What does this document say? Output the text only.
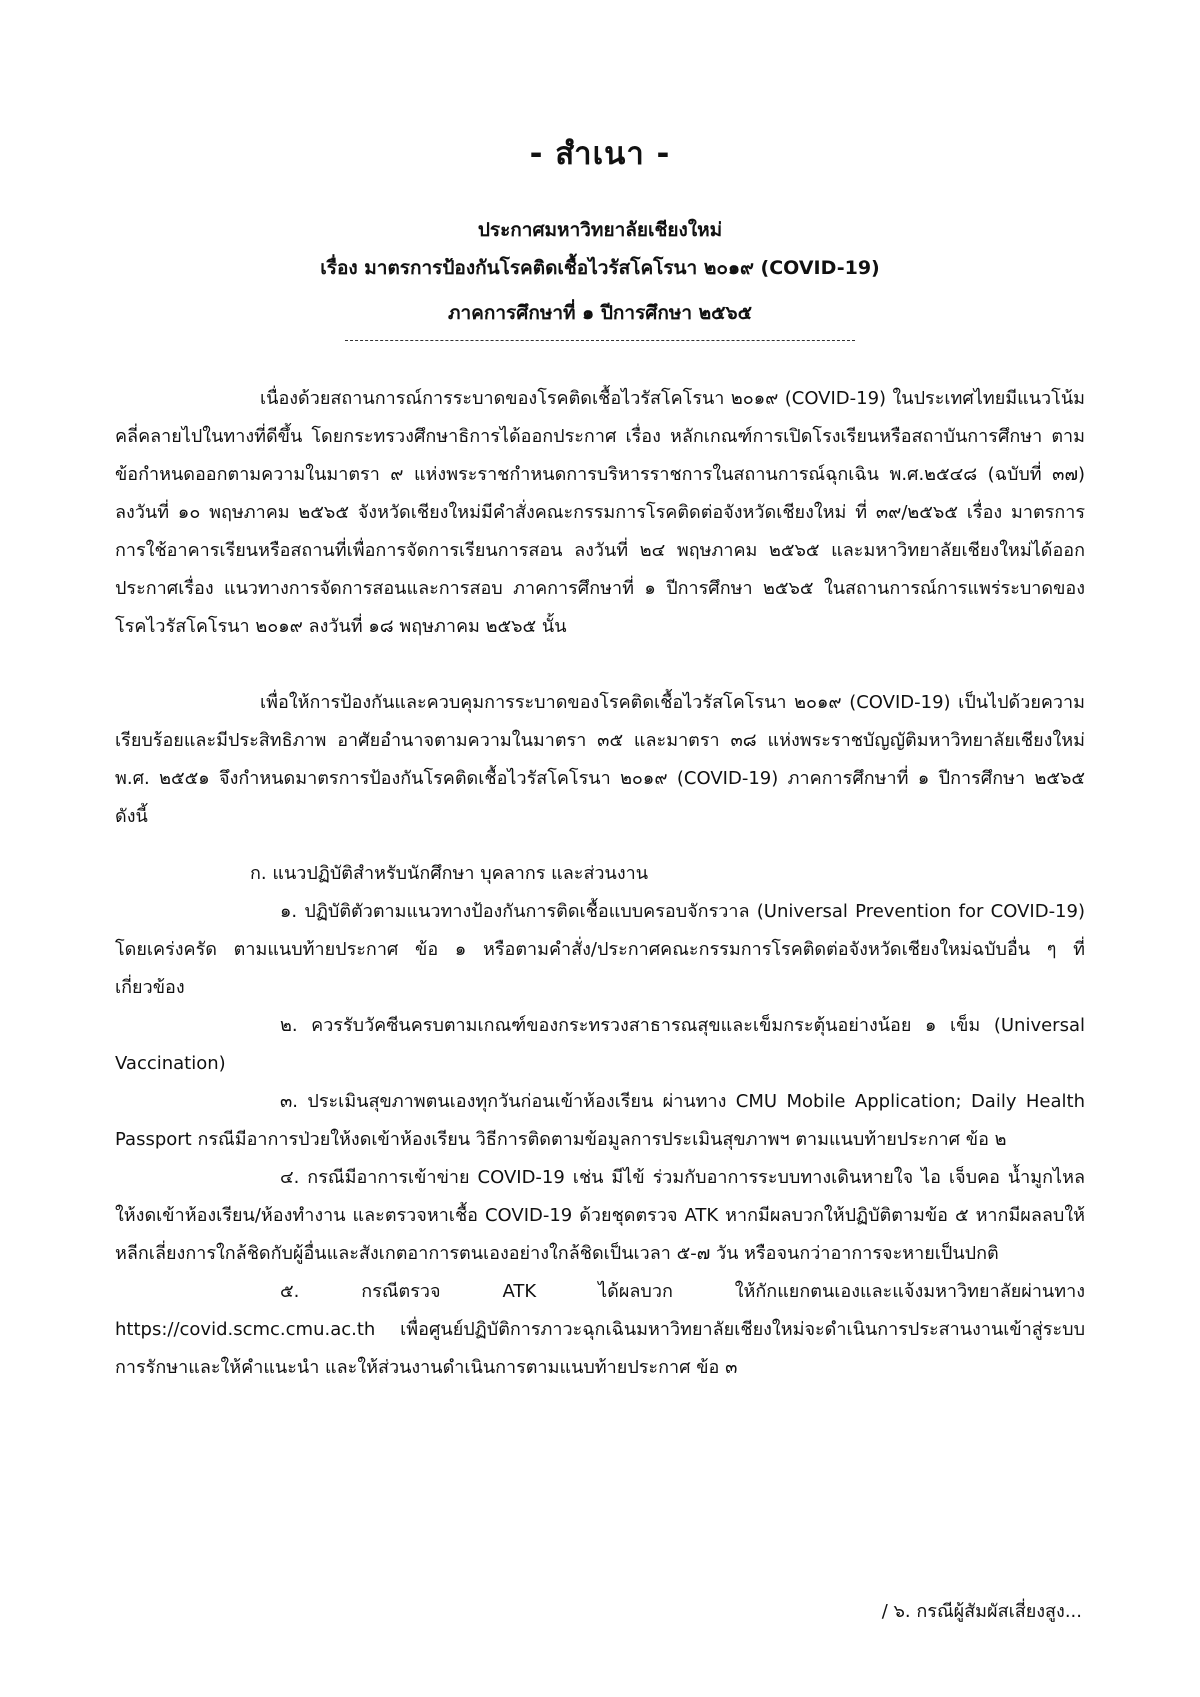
- สำเนา -
ประกาศมหาวิทยาลัยเชียงใหม่
เรื่อง มาตรการป้องกันโรคติดเชื้อไวรัสโคโรนา ๒๐๑๙ (COVID-19)
ภาคการศึกษาที่ ๑ ปีการศึกษา ๒๕๖๕

เนื่องด้วยสถานการณ์การระบาดของโรคติดเชื้อไวรัสโคโรนา ๒๐๑๙ (COVID-19) ในประเทศไทยมีแนวโน้มคลี่คลายไปในทางที่ดีขึ้น โดยกระทรวงศึกษาธิการได้ออกประกาศ เรื่อง หลักเกณฑ์การเปิดโรงเรียนหรือสถาบันการศึกษา ตามข้อกำหนดออกตามความในมาตรา ๙ แห่งพระราชกำหนดการบริหารราชการในสถานการณ์ฉุกเฉิน พ.ศ.๒๕๔๘ (ฉบับที่ ๓๗) ลงวันที่ ๑๐ พฤษภาคม ๒๕๖๕ จังหวัดเชียงใหม่มีคำสั่งคณะกรรมการโรคติดต่อจังหวัดเชียงใหม่ ที่ ๓๙/๒๕๖๕ เรื่อง มาตรการการใช้อาคารเรียนหรือสถานที่เพื่อการจัดการเรียนการสอน ลงวันที่ ๒๔ พฤษภาคม ๒๕๖๕ และมหาวิทยาลัยเชียงใหม่ได้ออกประกาศเรื่อง แนวทางการจัดการสอนและการสอบ ภาคการศึกษาที่ ๑ ปีการศึกษา ๒๕๖๕ ในสถานการณ์การแพร่ระบาดของโรคไวรัสโคโรนา ๒๐๑๙ ลงวันที่ ๑๘ พฤษภาคม ๒๕๖๕ นั้น

เพื่อให้การป้องกันและควบคุมการระบาดของโรคติดเชื้อไวรัสโคโรนา ๒๐๑๙ (COVID-19) เป็นไปด้วยความเรียบร้อยและมีประสิทธิภาพ อาศัยอำนาจตามความในมาตรา ๓๕ และมาตรา ๓๘ แห่งพระราชบัญญัติมหาวิทยาลัยเชียงใหม่ พ.ศ. ๒๕๕๑ จึงกำหนดมาตรการป้องกันโรคติดเชื้อไวรัสโคโรนา ๒๐๑๙ (COVID-19) ภาคการศึกษาที่ ๑ ปีการศึกษา ๒๕๖๕ ดังนี้

ก. แนวปฏิบัติสำหรับนักศึกษา บุคลากร และส่วนงาน

๑. ปฏิบัติตัวตามแนวทางป้องกันการติดเชื้อแบบครอบจักรวาล (Universal Prevention for COVID-19) โดยเคร่งครัด ตามแนบท้ายประกาศ ข้อ ๑ หรือตามคำสั่ง/ประกาศคณะกรรมการโรคติดต่อจังหวัดเชียงใหม่ฉบับอื่น ๆ ที่เกี่ยวข้อง

๒. ควรรับวัคซีนครบตามเกณฑ์ของกระทรวงสาธารณสุขและเข็มกระตุ้นอย่างน้อย ๑ เข็ม (Universal Vaccination)

๓. ประเมินสุขภาพตนเองทุกวันก่อนเข้าห้องเรียน ผ่านทาง CMU Mobile Application; Daily Health Passport กรณีมีอาการป่วยให้งดเข้าห้องเรียน วิธีการติดตามข้อมูลการประเมินสุขภาพฯ ตามแนบท้ายประกาศ ข้อ ๒

๔. กรณีมีอาการเข้าข่าย COVID-19 เช่น มีไข้ ร่วมกับอาการระบบทางเดินหายใจ ไอ เจ็บคอ น้ำมูกไหล ให้งดเข้าห้องเรียน/ห้องทำงาน และตรวจหาเชื้อ COVID-19 ด้วยชุดตรวจ ATK หากมีผลบวกให้ปฏิบัติตามข้อ ๕ หากมีผลลบให้หลีกเลี่ยงการใกล้ชิดกับผู้อื่นและสังเกตอาการตนเองอย่างใกล้ชิดเป็นเวลา ๕-๗ วัน หรือจนกว่าอาการจะหายเป็นปกติ

๕. กรณีตรวจ ATK ได้ผลบวก ให้กักแยกตนเองและแจ้งมหาวิทยาลัยผ่านทาง https://covid.scmc.cmu.ac.th เพื่อศูนย์ปฏิบัติการภาวะฉุกเฉินมหาวิทยาลัยเชียงใหม่จะดำเนินการประสานงานเข้าสู่ระบบการรักษาและให้คำแนะนำ และให้ส่วนงานดำเนินการตามแนบท้ายประกาศ ข้อ ๓

/ ๖. กรณีผู้สัมผัสเสี่ยงสูง...
